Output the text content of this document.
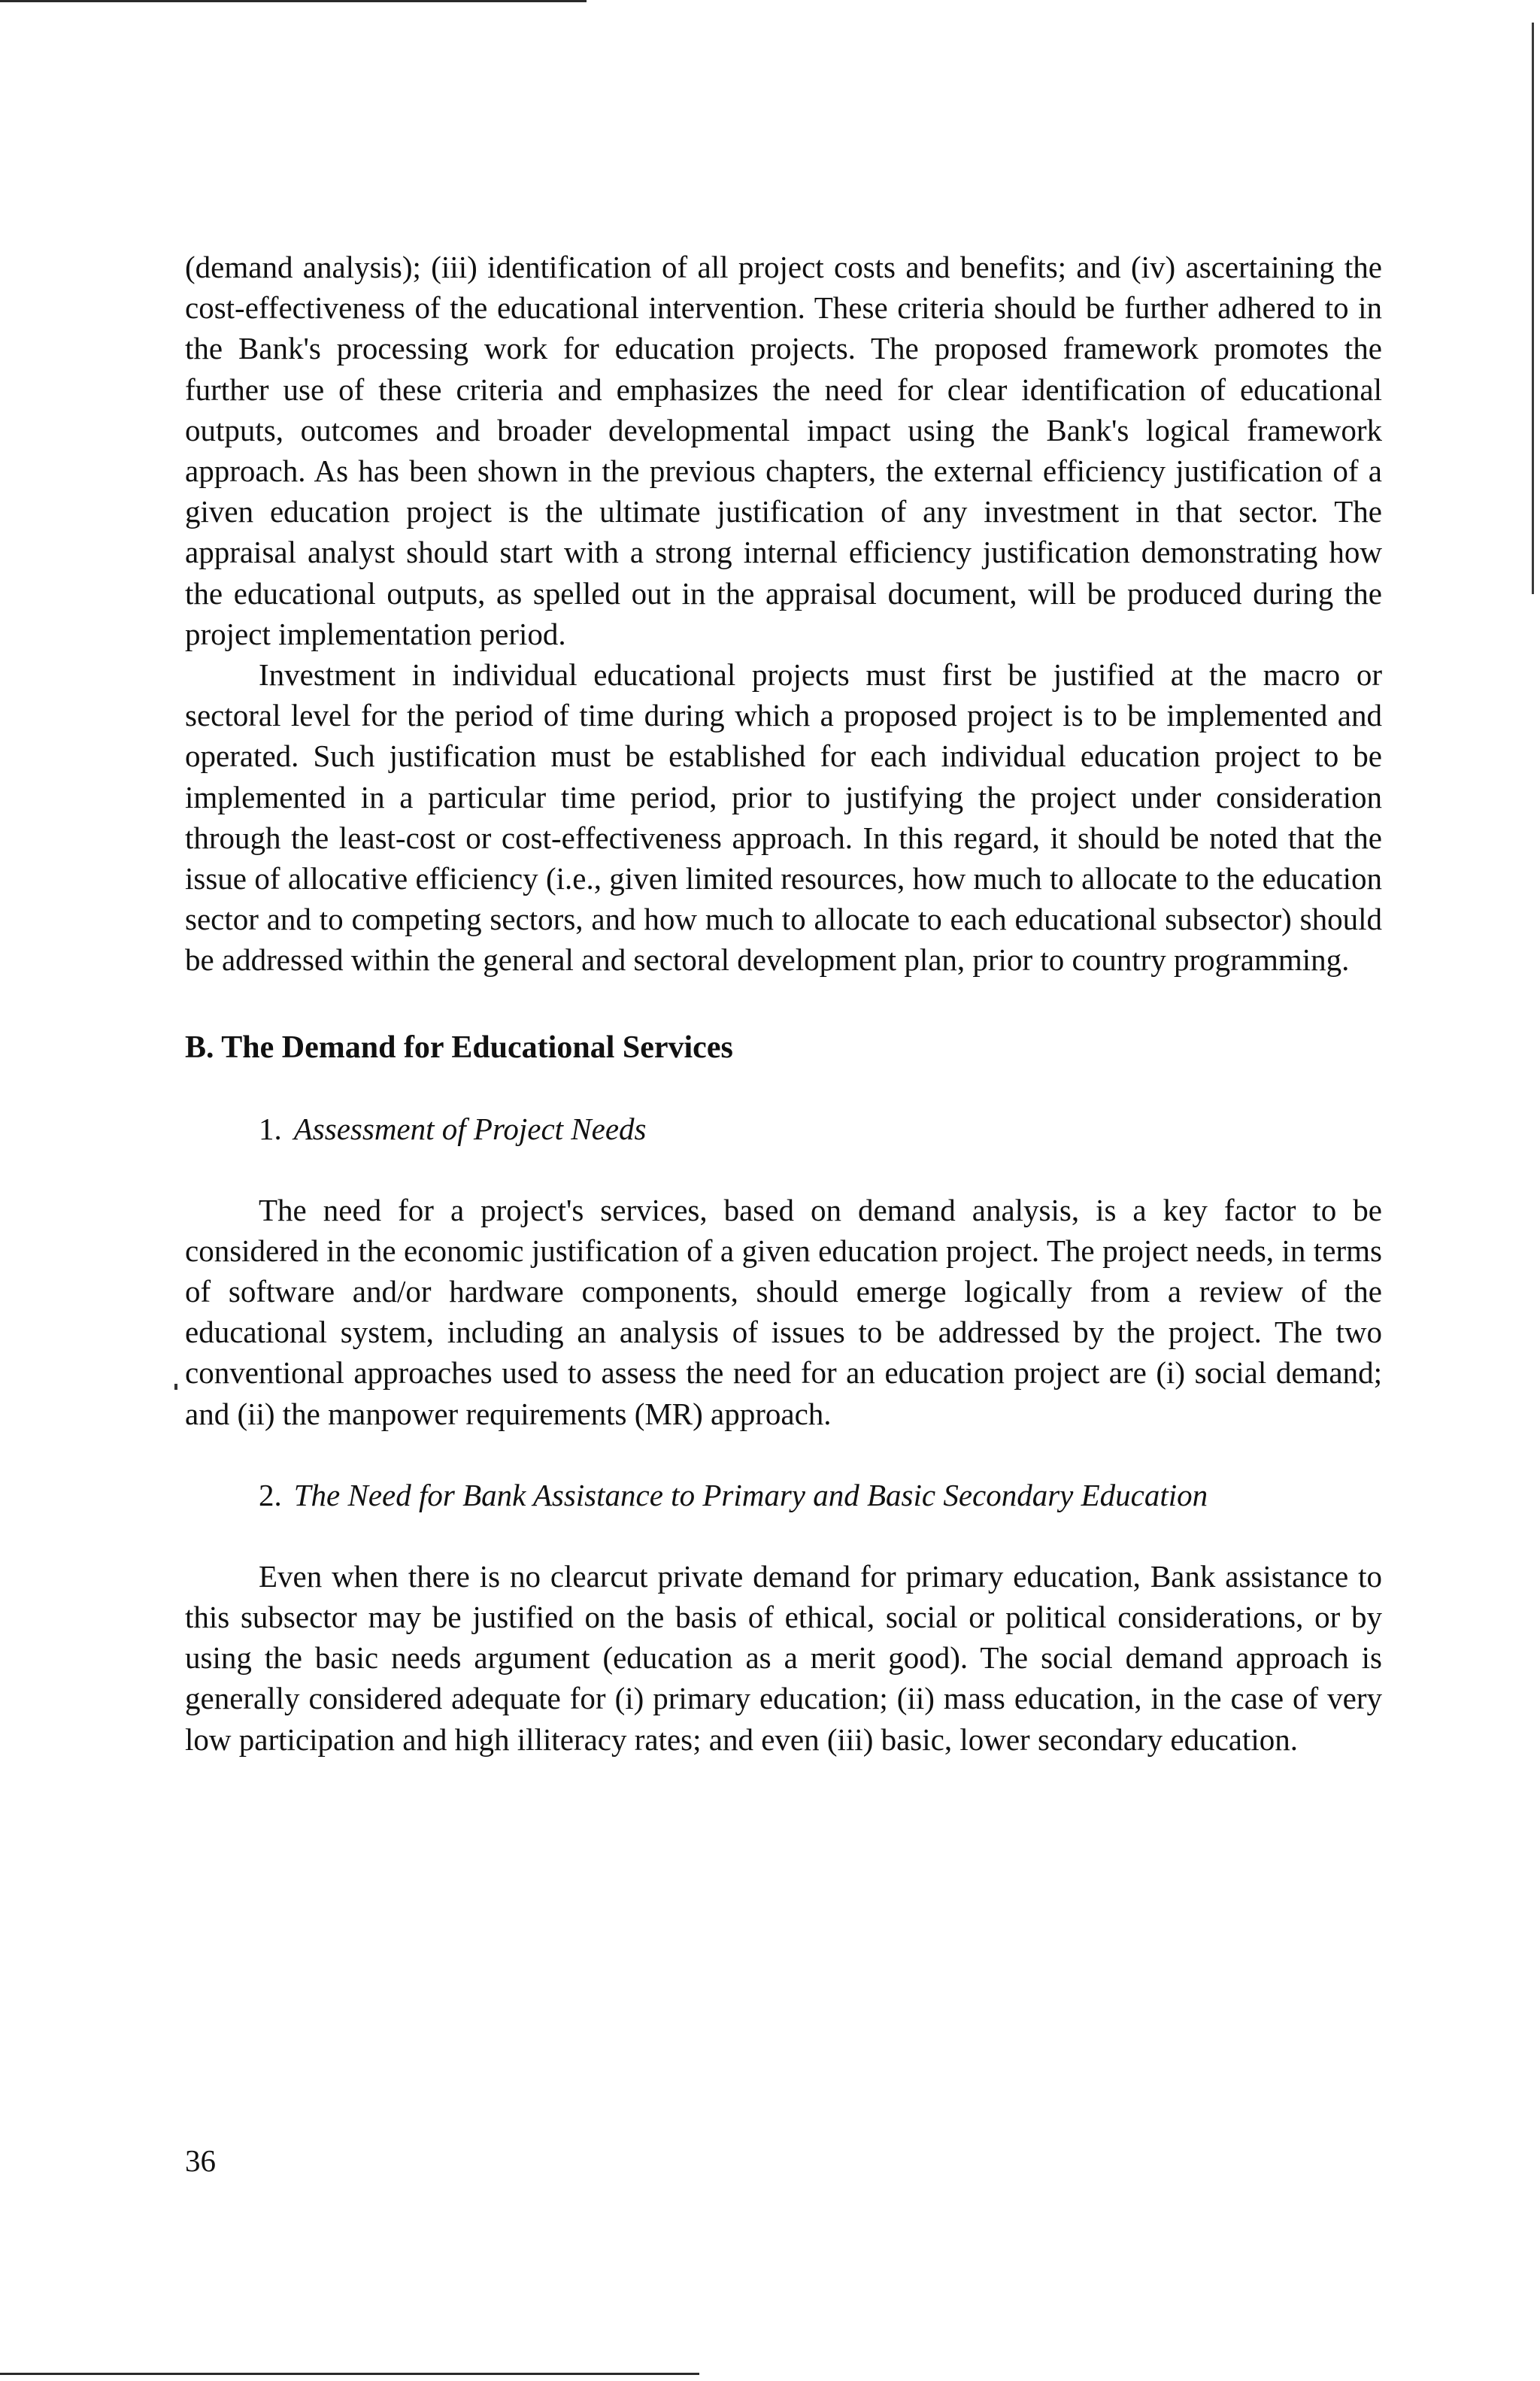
(demand analysis); (iii) identification of all project costs and benefits; and (iv) ascertaining the cost-effectiveness of the educational intervention. These criteria should be further adhered to in the Bank's processing work for education projects. The proposed framework promotes the further use of these criteria and emphasizes the need for clear identification of educational outputs, outcomes and broader developmental impact using the Bank's logical framework approach. As has been shown in the previous chapters, the external efficiency justification of a given education project is the ultimate justification of any investment in that sector. The appraisal analyst should start with a strong internal efficiency justification demonstrating how the educational outputs, as spelled out in the appraisal document, will be produced during the project implementation period.

Investment in individual educational projects must first be justified at the macro or sectoral level for the period of time during which a proposed project is to be implemented and operated. Such justification must be established for each individual education project to be implemented in a particular time period, prior to justifying the project under consideration through the least-cost or cost-effectiveness approach. In this regard, it should be noted that the issue of allocative efficiency (i.e., given limited resources, how much to allocate to the education sector and to competing sectors, and how much to allocate to each educational subsector) should be addressed within the general and sectoral development plan, prior to country programming.

B. The Demand for Educational Services
1. Assessment of Project Needs

The need for a project's services, based on demand analysis, is a key factor to be considered in the economic justification of a given education project. The project needs, in terms of software and/or hardware components, should emerge logically from a review of the educational system, including an analysis of issues to be addressed by the project. The two conventional approaches used to assess the need for an education project are (i) social demand; and (ii) the manpower requirements (MR) approach.

2. The Need for Bank Assistance to Primary and Basic Secondary Education

Even when there is no clearcut private demand for primary education, Bank assistance to this subsector may be justified on the basis of ethical, social or political considerations, or by using the basic needs argument (education as a merit good). The social demand approach is generally considered adequate for (i) primary education; (ii) mass education, in the case of very low participation and high illiteracy rates; and even (iii) basic, lower secondary education.

36
